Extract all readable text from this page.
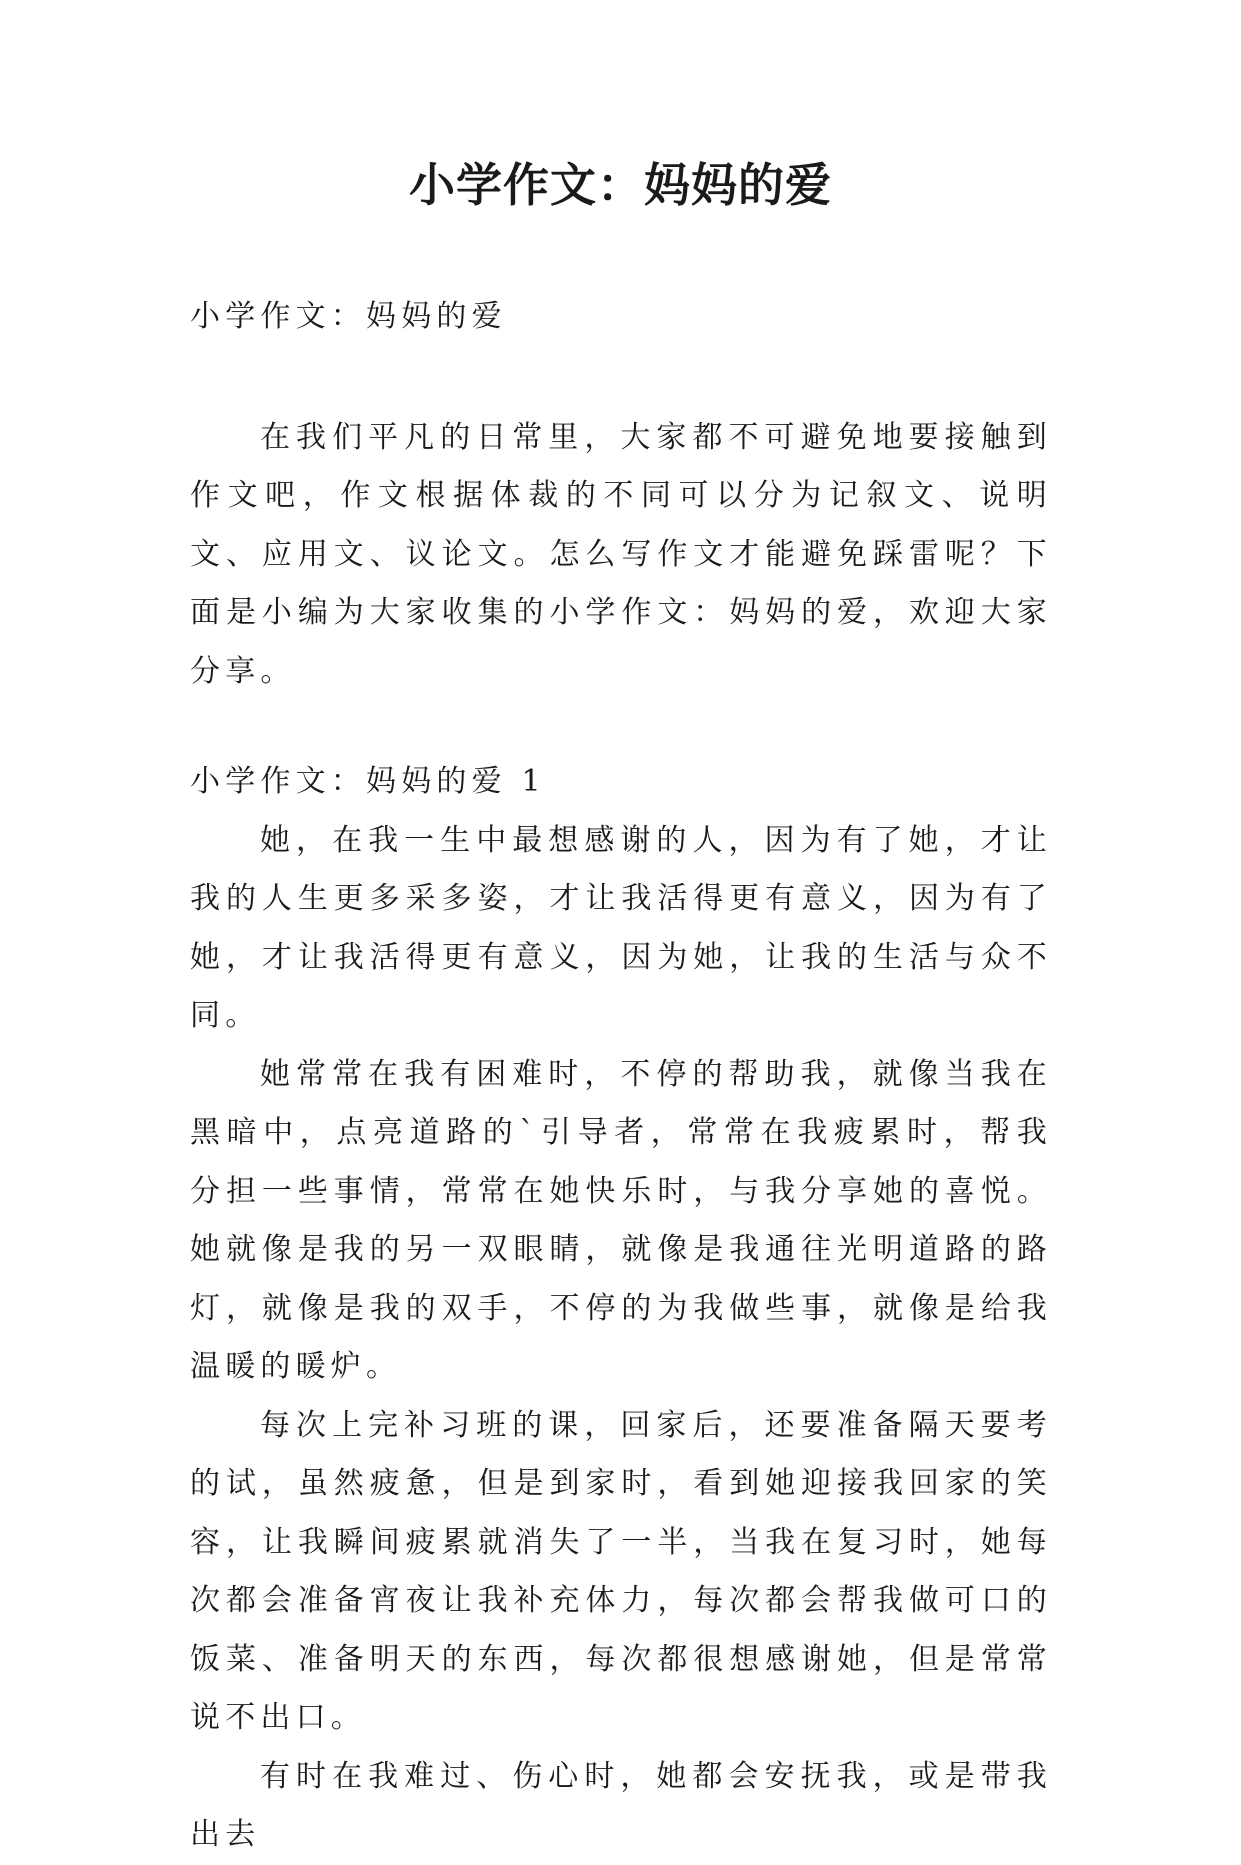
小学作文：妈妈的爱

小学作文：妈妈的爱

在我们平凡的日常里，大家都不可避免地要接触到作文吧，作文根据体裁的不同可以分为记叙文、说明文、应用文、议论文。怎么写作文才能避免踩雷呢？下面是小编为大家收集的小学作文：妈妈的爱，欢迎大家分享。

小学作文：妈妈的爱 1

她，在我一生中最想感谢的人，因为有了她，才让我的人生更多采多姿，才让我活得更有意义，因为有了她，才让我活得更有意义，因为她，让我的生活与众不同。

她常常在我有困难时，不停的帮助我，就像当我在黑暗中，点亮道路的`引导者，常常在我疲累时，帮我分担一些事情，常常在她快乐时，与我分享她的喜悦。她就像是我的另一双眼睛，就像是我通往光明道路的路灯，就像是我的双手，不停的为我做些事，就像是给我温暖的暖炉。

每次上完补习班的课，回家后，还要准备隔天要考的试，虽然疲惫，但是到家时，看到她迎接我回家的笑容，让我瞬间疲累就消失了一半，当我在复习时，她每次都会准备宵夜让我补充体力，每次都会帮我做可口的饭菜、准备明天的东西，每次都很想感谢她，但是常常说不出口。

有时在我难过、伤心时，她都会安抚我，或是带我出去
